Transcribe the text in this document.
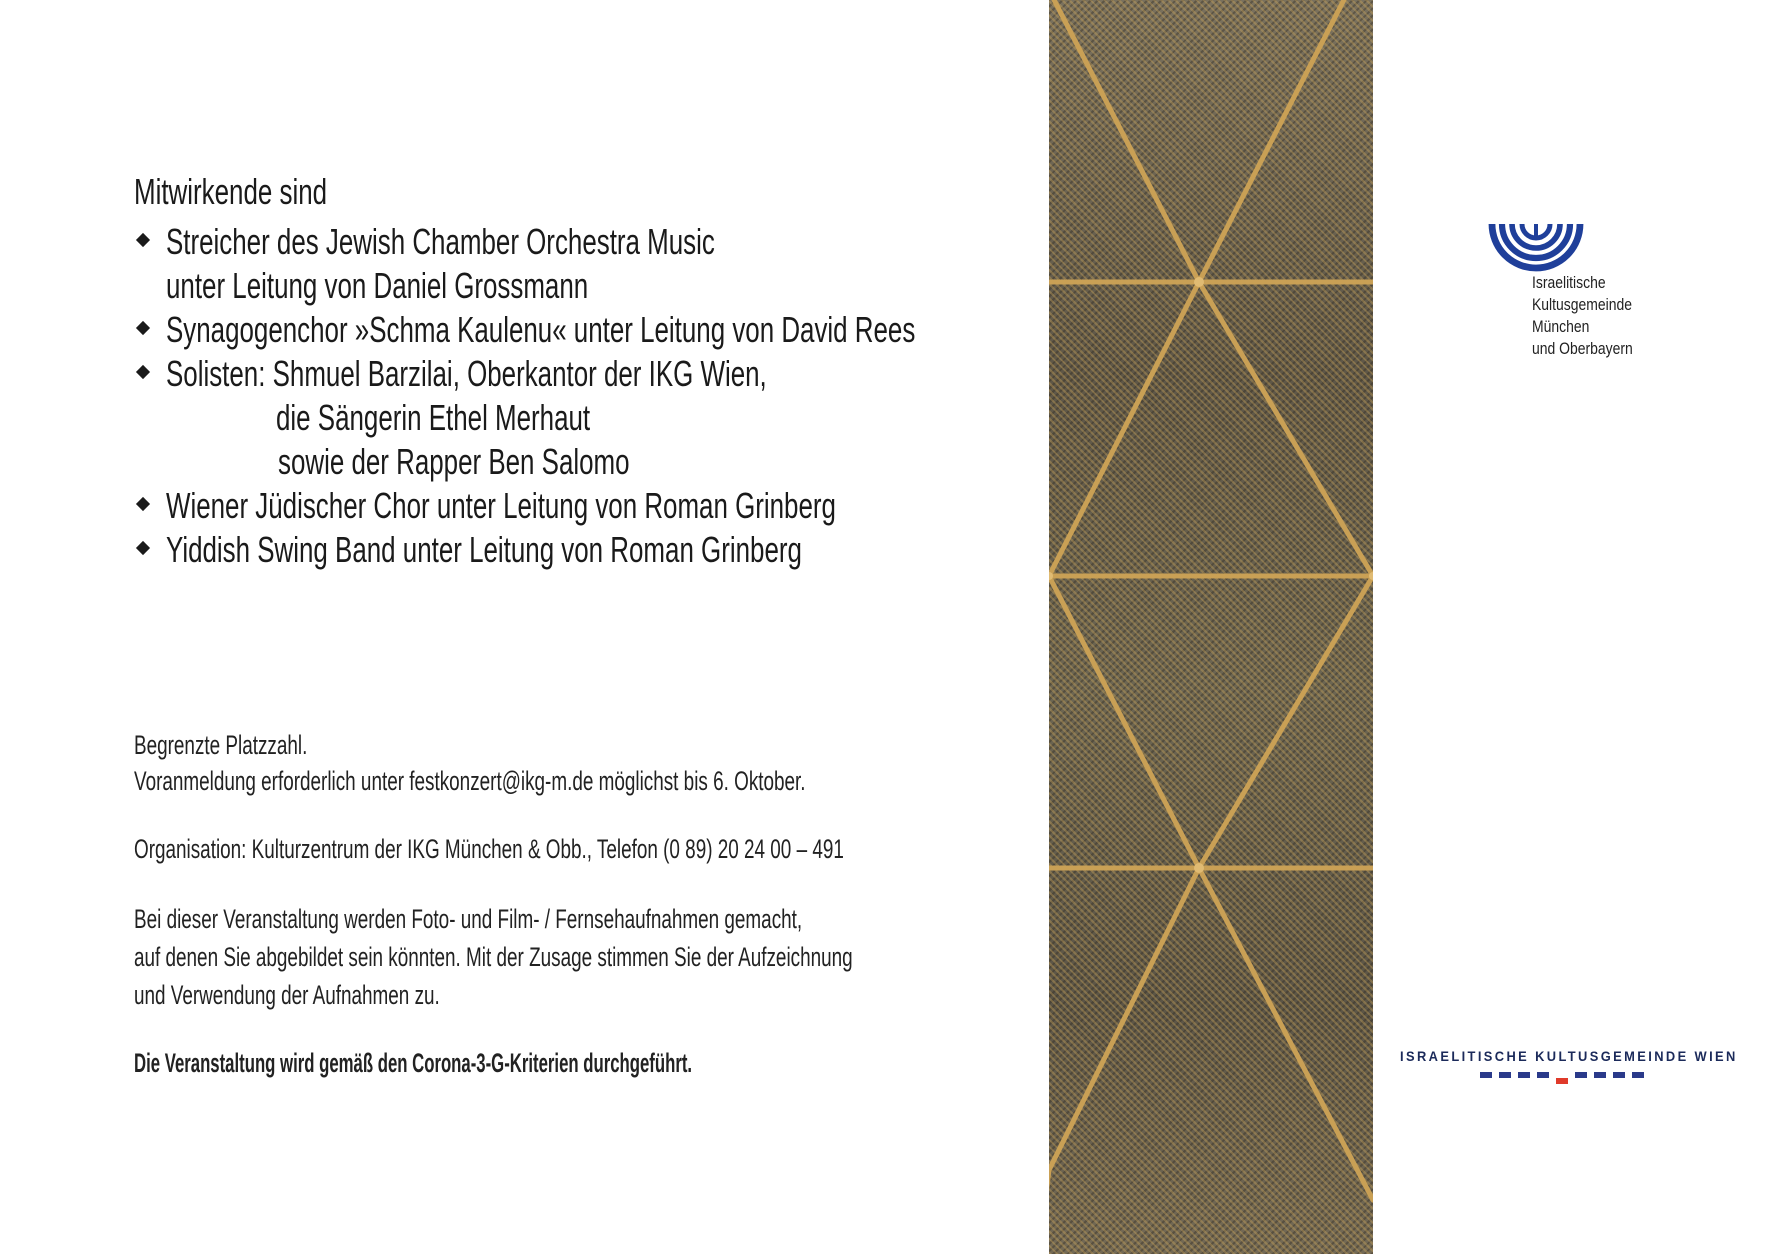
Mitwirkende sind
Streicher des Jewish Chamber Orchestra Music
unter Leitung von Daniel Grossmann
Synagogenchor »Schma Kaulenu« unter Leitung von David Rees
Solisten: Shmuel Barzilai, Oberkantor der IKG Wien,
die Sängerin Ethel Merhaut
sowie der Rapper Ben Salomo
Wiener Jüdischer Chor unter Leitung von Roman Grinberg
Yiddish Swing Band unter Leitung von Roman Grinberg
Begrenzte Platzzahl.
Voranmeldung erforderlich unter festkonzert@ikg-m.de möglichst bis 6. Oktober.
Organisation: Kulturzentrum der IKG München & Obb., Telefon (0 89) 20 24 00 – 491
Bei dieser Veranstaltung werden Foto- und Film- / Fernsehaufnahmen gemacht,
auf denen Sie abgebildet sein könnten. Mit der Zusage stimmen Sie der Aufzeichnung
und Verwendung der Aufnahmen zu.
Die Veranstaltung wird gemäß den Corona-3-G-Kriterien durchgeführt.
Israelitische
Kultusgemeinde
München
und Oberbayern
ISRAELITISCHE KULTUSGEMEINDE WIEN
